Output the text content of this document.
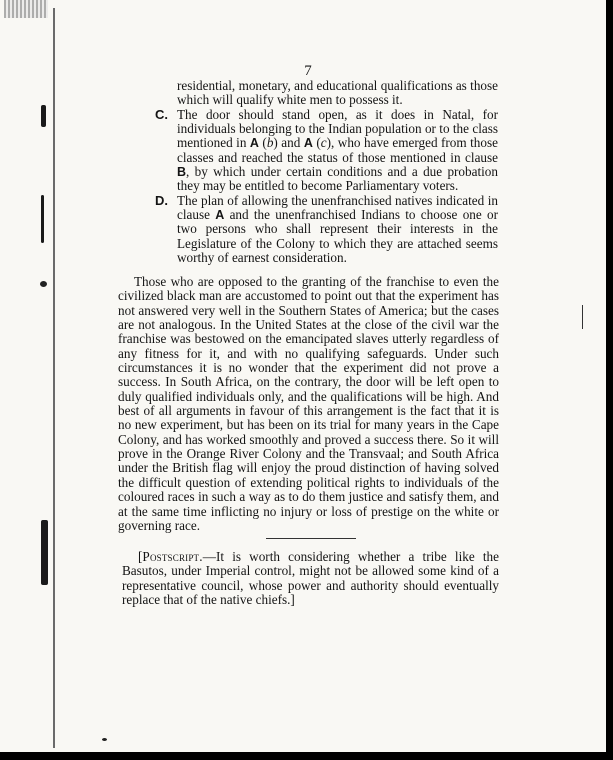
7

residential, monetary, and educational qualifications as those which will qualify white men to possess it.

C. The door should stand open, as it does in Natal, for individuals belonging to the Indian population or to the class mentioned in A (b) and A (c), who have emerged from those classes and reached the status of those mentioned in clause B, by which under certain conditions and a due probation they may be entitled to become Parliamentary voters.

D. The plan of allowing the unenfranchised natives indicated in clause A and the unenfranchised Indians to choose one or two persons who shall represent their interests in the Legislature of the Colony to which they are attached seems worthy of earnest consideration.

Those who are opposed to the granting of the franchise to even the civilized black man are accustomed to point out that the experiment has not answered very well in the Southern States of America; but the cases are not analogous. In the United States at the close of the civil war the franchise was bestowed on the emancipated slaves utterly regardless of any fitness for it, and with no qualifying safeguards. Under such circumstances it is no wonder that the experiment did not prove a success. In South Africa, on the contrary, the door will be left open to duly qualified individuals only, and the qualifications will be high. And best of all arguments in favour of this arrangement is the fact that it is no new experiment, but has been on its trial for many years in the Cape Colony, and has worked smoothly and proved a success there. So it will prove in the Orange River Colony and the Transvaal; and South Africa under the British flag will enjoy the proud distinction of having solved the difficult question of extending political rights to individuals of the coloured races in such a way as to do them justice and satisfy them, and at the same time inflicting no injury or loss of prestige on the white or governing race.

[Postscript.—It is worth considering whether a tribe like the Basutos, under Imperial control, might not be allowed some kind of a representative council, whose power and authority should eventually replace that of the native chiefs.]
